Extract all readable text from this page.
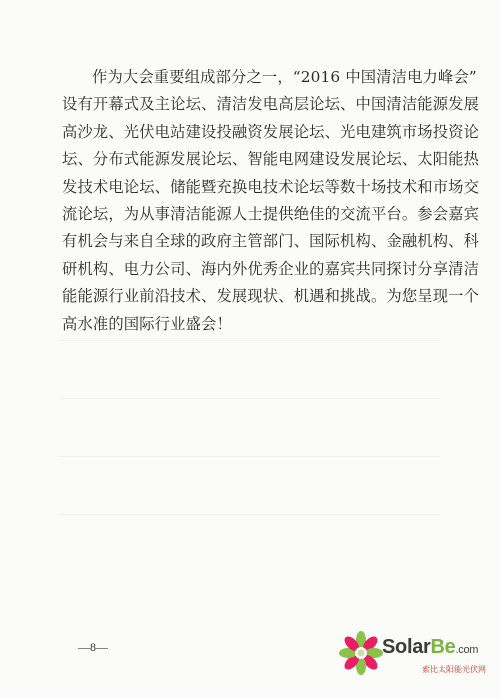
作为大会重要组成部分之一，“2016 中国清洁电力峰会”
设有开幕式及主论坛、清洁发电高层论坛、中国清洁能源发展
高沙龙、光伏电站建设投融资发展论坛、光电建筑市场投资论
坛、分布式能源发展论坛、智能电网建设发展论坛、太阳能热
发技术电论坛、储能暨充换电技术论坛等数十场技术和市场交
流论坛，为从事清洁能源人士提供绝佳的交流平台。参会嘉宾
有机会与来自全球的政府主管部门、国际机构、金融机构、科
研机构、电力公司、海内外优秀企业的嘉宾共同探讨分享清洁
能能源行业前沿技术、发展现状、机遇和挑战。为您呈现一个
高水准的国际行业盛会！
—8—	SolarBe.com
索比太阳能光伏网
